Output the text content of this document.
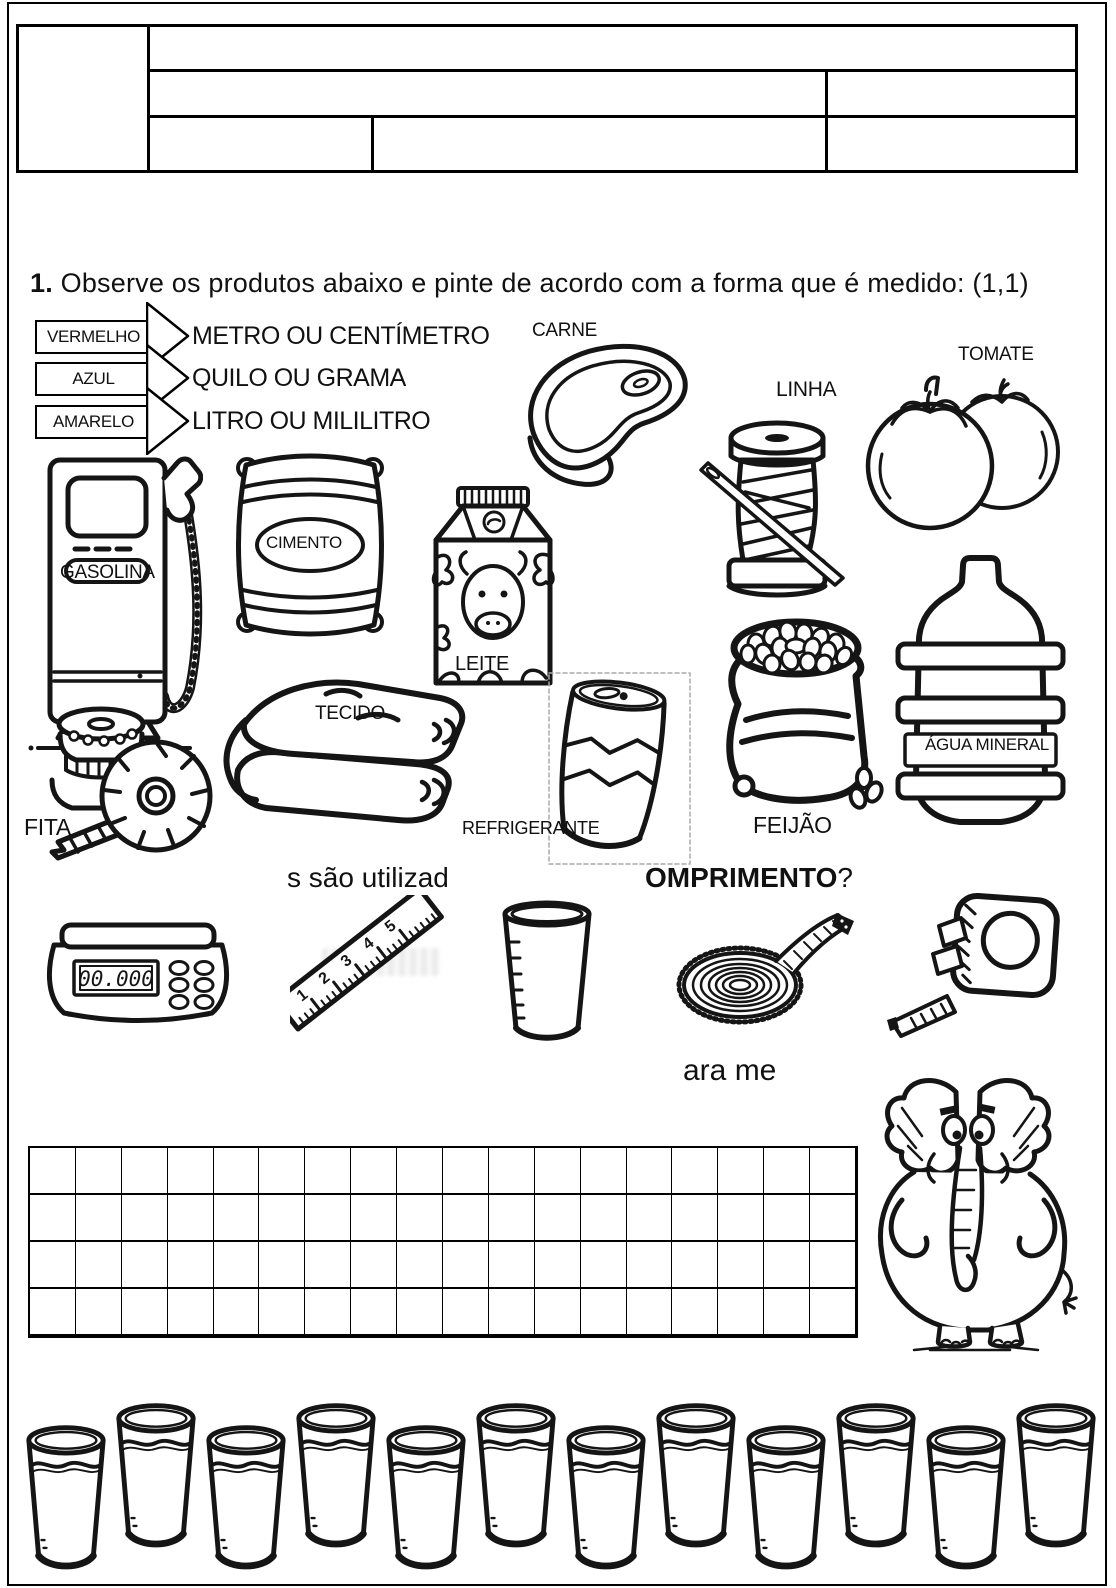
1. Observe os produtos abaixo e pinte de acordo com a forma que é medido: (1,1)
VERMELHO METRO OU CENTÍMETRO
AZUL	QUILO OU GRAMA
AMARELO LITRO OU MILILITRO
CARNE
LINHA
TOMATE
GASOLINA
CIMENTO
LEITE
REFRIGERANTE	FEIJÃO
ÁGUA MINERAL
TECIDO
FITA
s são utilizad	OMPRIMENTO?
00.000
1
2
3
4
5
ara me
